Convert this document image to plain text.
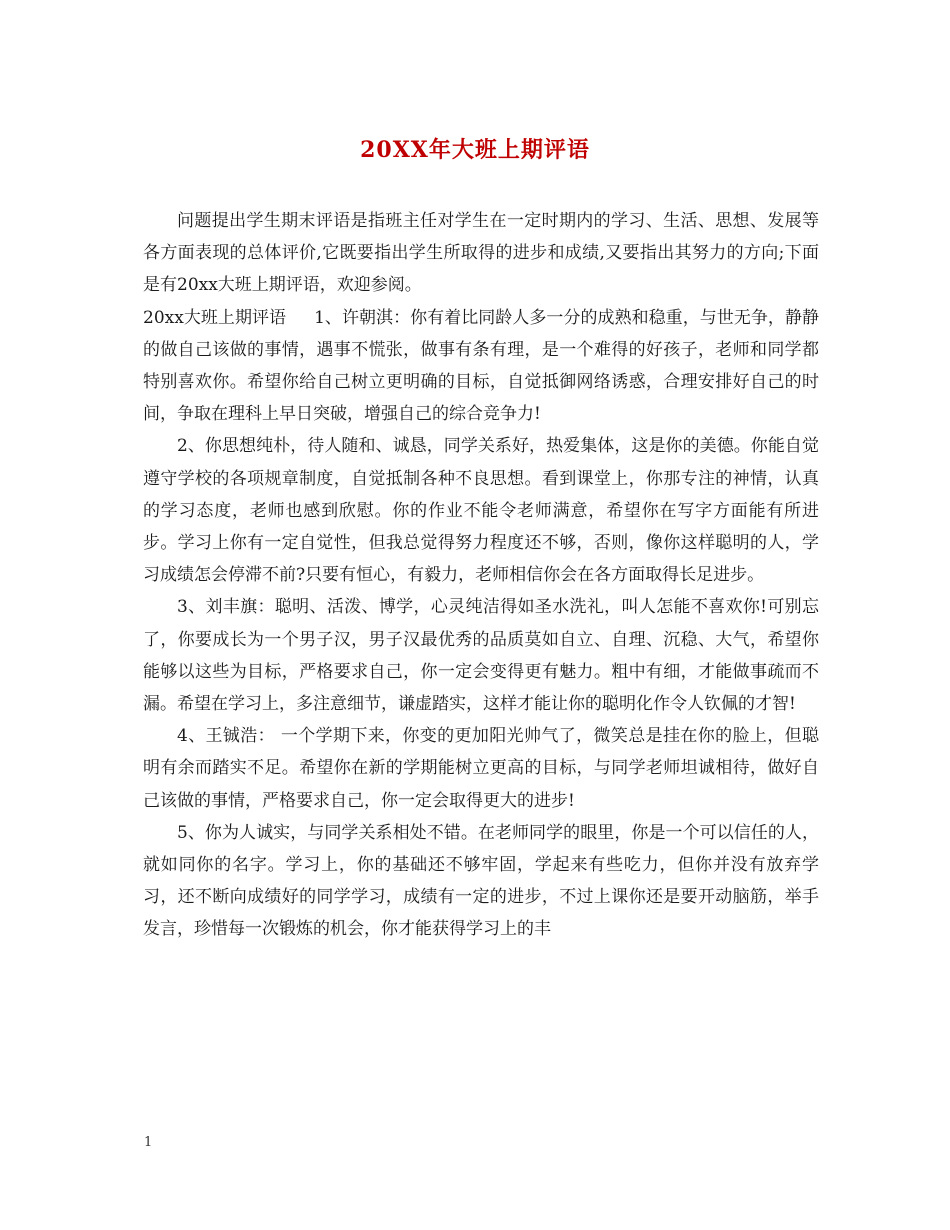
20XX年大班上期评语

问题提出学生期末评语是指班主任对学生在一定时期内的学习、生活、思想、发展等各方面表现的总体评价,它既要指出学生所取得的进步和成绩,又要指出其努力的方向;下面是有20xx大班上期评语，欢迎参阅。

20xx大班上期评语 1、许朝淇：你有着比同龄人多一分的成熟和稳重，与世无争，静静的做自己该做的事情，遇事不慌张，做事有条有理，是一个难得的好孩子，老师和同学都特别喜欢你。希望你给自己树立更明确的目标，自觉抵御网络诱惑，合理安排好自己的时间，争取在理科上早日突破，增强自己的综合竞争力!

2、你思想纯朴，待人随和、诚恳，同学关系好，热爱集体，这是你的美德。你能自觉遵守学校的各项规章制度，自觉抵制各种不良思想。看到课堂上，你那专注的神情，认真的学习态度，老师也感到欣慰。你的作业不能令老师满意，希望你在写字方面能有所进步。学习上你有一定自觉性，但我总觉得努力程度还不够，否则，像你这样聪明的人，学习成绩怎会停滞不前?只要有恒心，有毅力，老师相信你会在各方面取得长足进步。

3、刘丰旗：聪明、活泼、博学，心灵纯洁得如圣水洗礼，叫人怎能不喜欢你!可别忘了，你要成长为一个男子汉，男子汉最优秀的品质莫如自立、自理、沉稳、大气，希望你能够以这些为目标，严格要求自己，你一定会变得更有魅力。粗中有细，才能做事疏而不漏。希望在学习上，多注意细节，谦虚踏实，这样才能让你的聪明化作令人钦佩的才智!

4、王铖浩： 一个学期下来，你变的更加阳光帅气了，微笑总是挂在你的脸上，但聪明有余而踏实不足。希望你在新的学期能树立更高的目标，与同学老师坦诚相待，做好自己该做的事情，严格要求自己，你一定会取得更大的进步!

5、你为人诚实，与同学关系相处不错。在老师同学的眼里，你是一个可以信任的人，就如同你的名字。学习上，你的基础还不够牢固，学起来有些吃力，但你并没有放弃学习，还不断向成绩好的同学学习，成绩有一定的进步，不过上课你还是要开动脑筋，举手发言，珍惜每一次锻炼的机会，你才能获得学习上的丰

1
